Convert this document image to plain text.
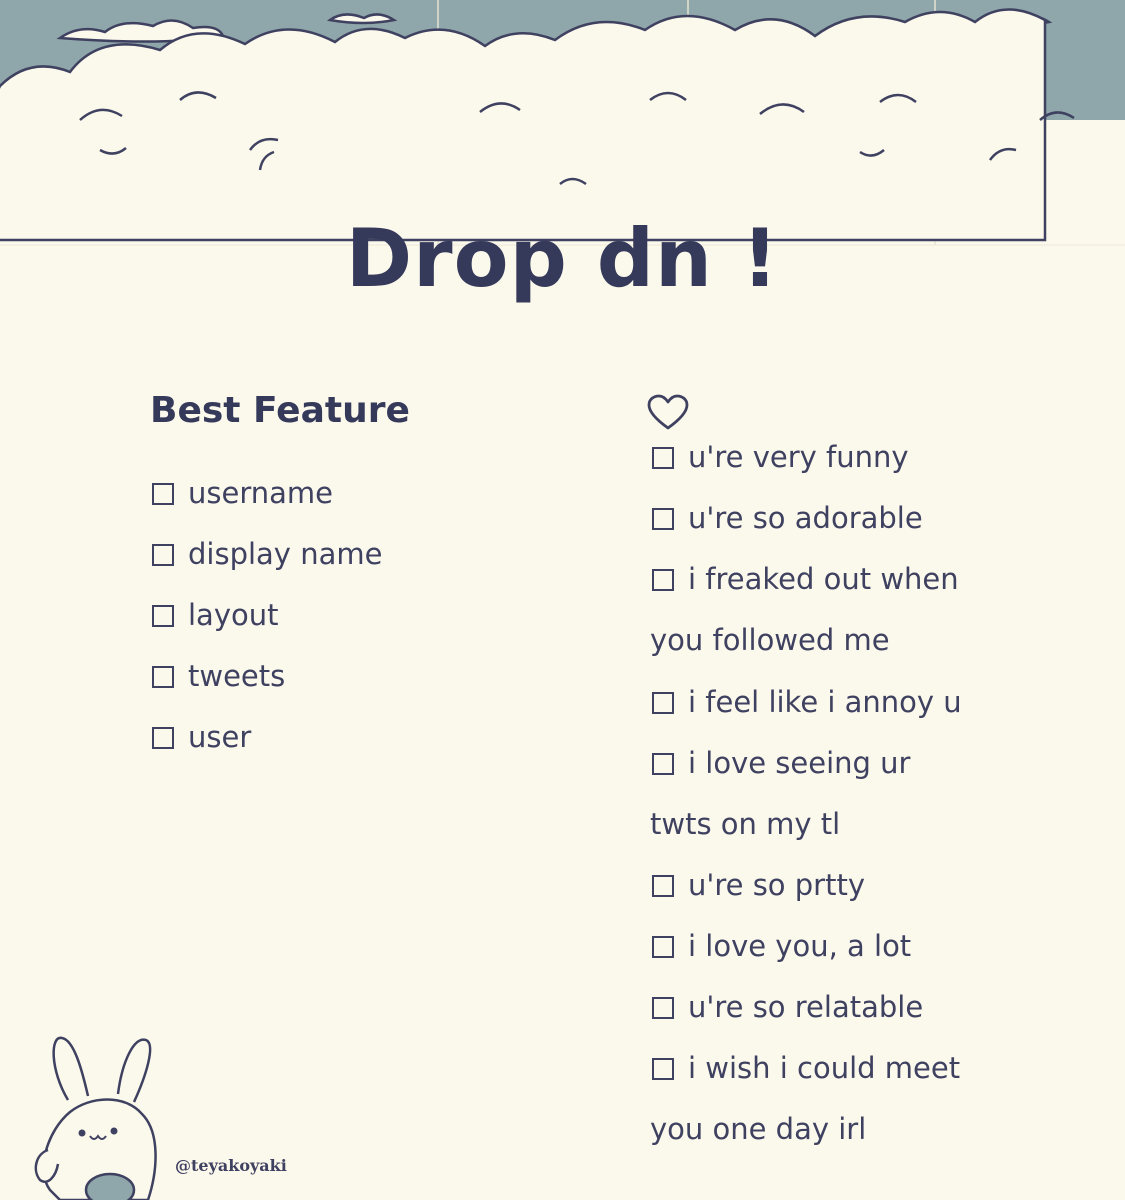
Drop dn !
Best Feature
username
display name
layout
tweets
user
u're very funny
u're so adorable
i freaked out when
you followed me
i feel like i annoy u
i love seeing ur
twts on my tl
u're so prtty
i love you, a lot
u're so relatable
i wish i could meet
you one day irl
@teyakoyaki
